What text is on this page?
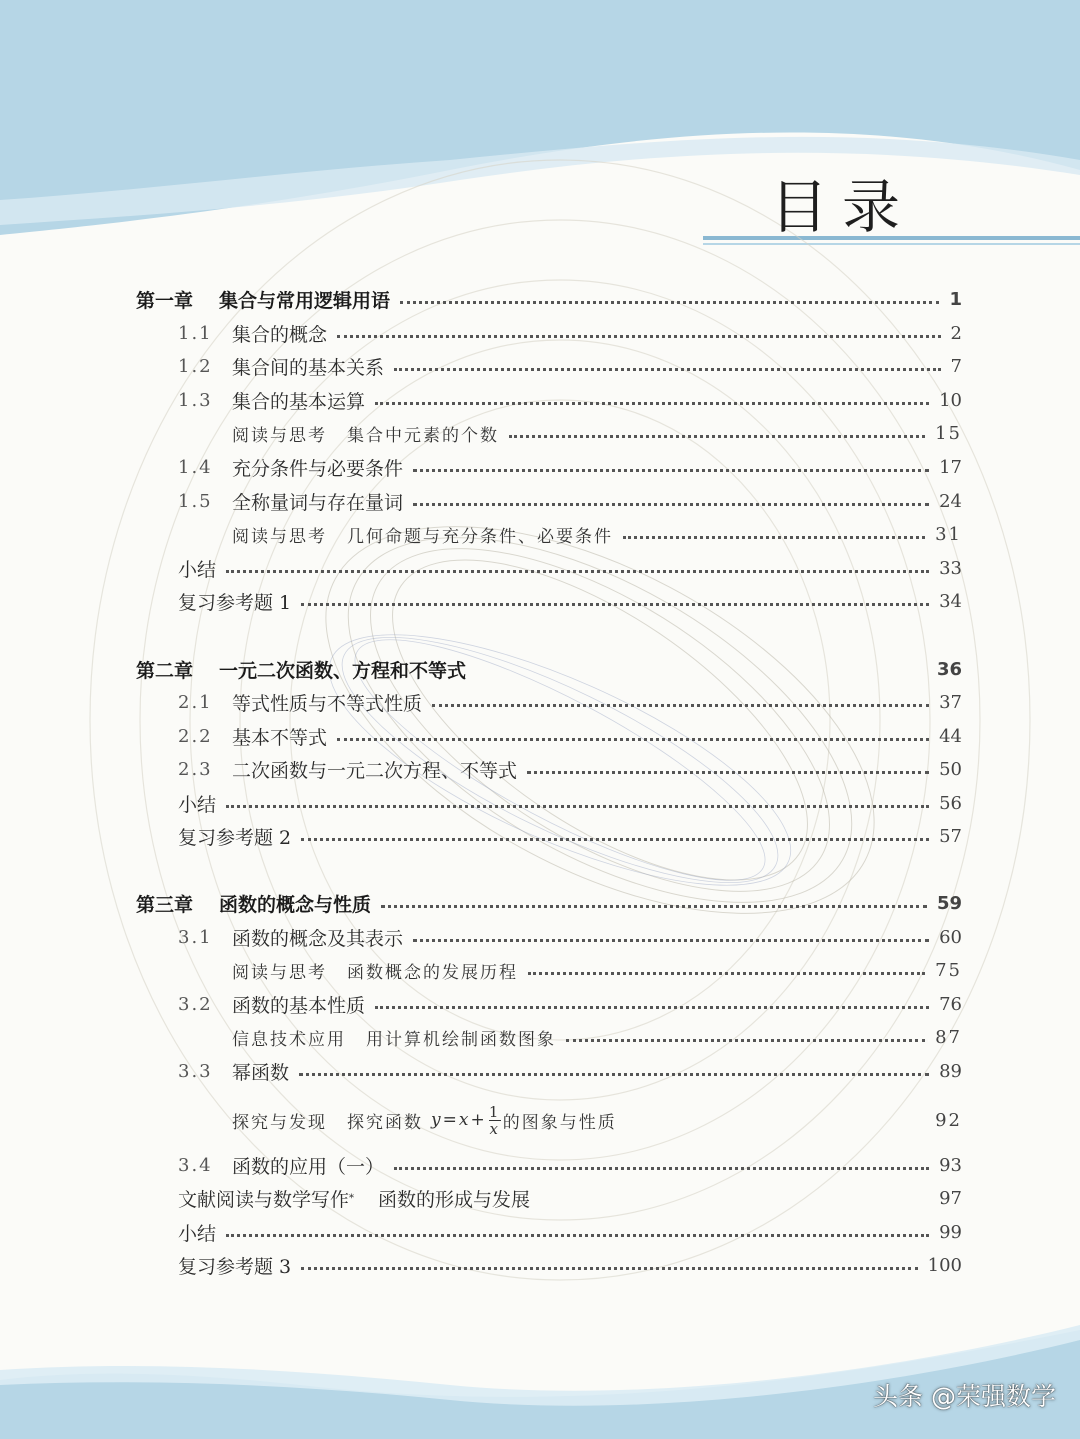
目录
第一章 集合与常用逻辑用语	1
1.1	集合的概念	2
1.2	集合间的基本关系	7
1.3	集合的基本运算	10
阅读与思考 集合中元素的个数	15
1.4	充分条件与必要条件	17
1.5	全称量词与存在量词	24
阅读与思考 几何命题与充分条件、必要条件	31
小结	33
复习参考题 1	34
第二章 一元二次函数、方程和不等式	36
2.1	等式性质与不等式性质	37
2.2	基本不等式	44
2.3	二次函数与一元二次方程、不等式	50
小结	56
复习参考题 2	57
第三章 函数的概念与性质	59
3.1	函数的概念及其表示	60
阅读与思考 函数概念的发展历程	75
3.2	函数的基本性质	76
信息技术应用 用计算机绘制函数图象	87
3.3	幂函数	89
探究与发现 探究函数 $y=x+ \frac{1}{x}$ 的图象与性质	92
3.4	函数的应用（一）	93
文献阅读与数学写作 * 函数的形成与发展	97
小结	99
复习参考题 3	100
头条 @荣强数学
